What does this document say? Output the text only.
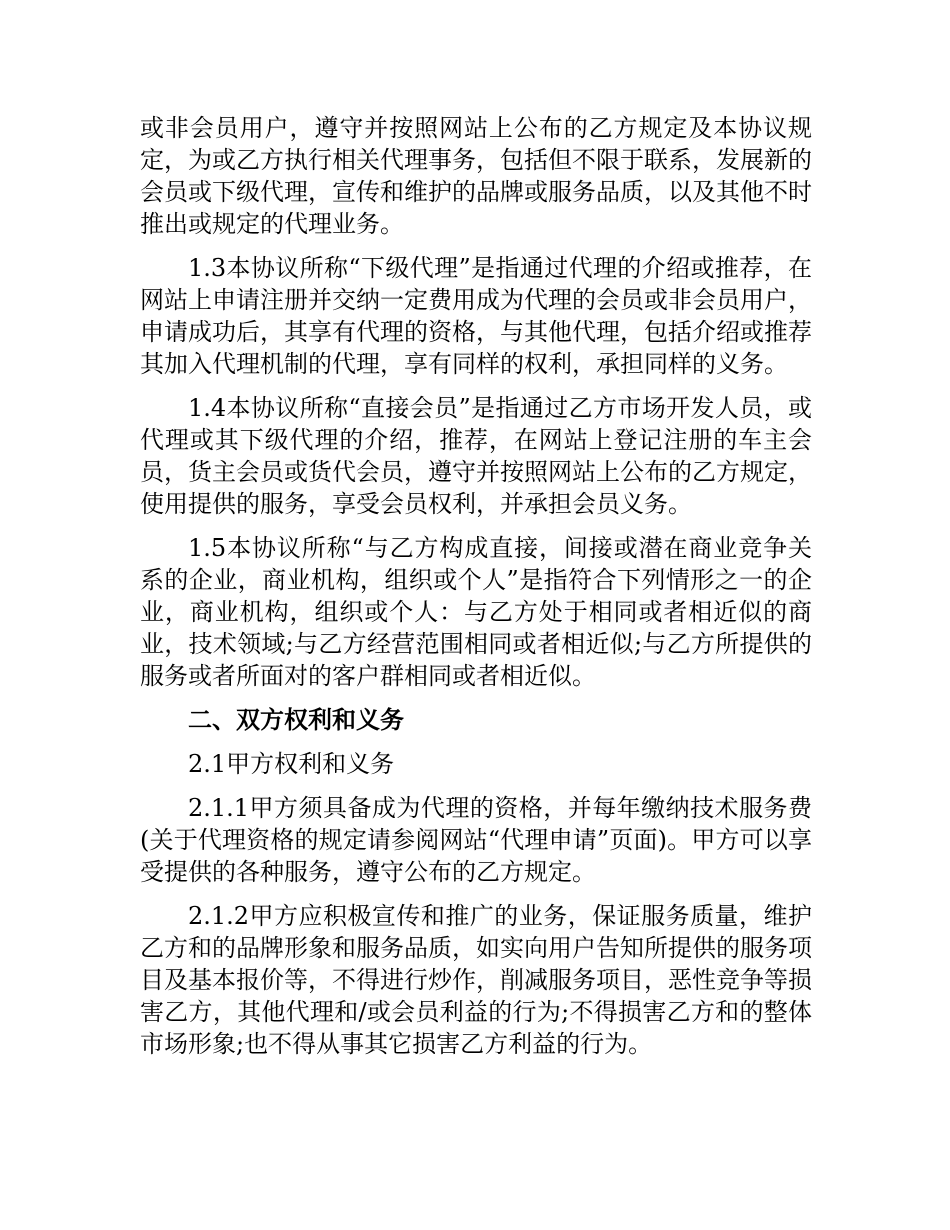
或非会员用户，遵守并按照网站上公布的乙方规定及本协议规定，为或乙方执行相关代理事务，包括但不限于联系，发展新的会员或下级代理，宣传和维护的品牌或服务品质，以及其他不时推出或规定的代理业务。

1.3本协议所称“下级代理”是指通过代理的介绍或推荐，在网站上申请注册并交纳一定费用成为代理的会员或非会员用户，申请成功后，其享有代理的资格，与其他代理，包括介绍或推荐其加入代理机制的代理，享有同样的权利，承担同样的义务。

1.4本协议所称“直接会员”是指通过乙方市场开发人员，或代理或其下级代理的介绍，推荐，在网站上登记注册的车主会员，货主会员或货代会员，遵守并按照网站上公布的乙方规定，使用提供的服务，享受会员权利，并承担会员义务。

1.5本协议所称“与乙方构成直接，间接或潜在商业竞争关系的企业，商业机构，组织或个人”是指符合下列情形之一的企业，商业机构，组织或个人：与乙方处于相同或者相近似的商业，技术领域;与乙方经营范围相同或者相近似;与乙方所提供的服务或者所面对的客户群相同或者相近似。

二、双方权利和义务

2.1甲方权利和义务

2.1.1甲方须具备成为代理的资格，并每年缴纳技术服务费(关于代理资格的规定请参阅网站“代理申请”页面)。甲方可以享受提供的各种服务，遵守公布的乙方规定。

2.1.2甲方应积极宣传和推广的业务，保证服务质量，维护乙方和的品牌形象和服务品质，如实向用户告知所提供的服务项目及基本报价等，不得进行炒作，削减服务项目，恶性竞争等损害乙方，其他代理和/或会员利益的行为;不得损害乙方和的整体市场形象;也不得从事其它损害乙方利益的行为。
